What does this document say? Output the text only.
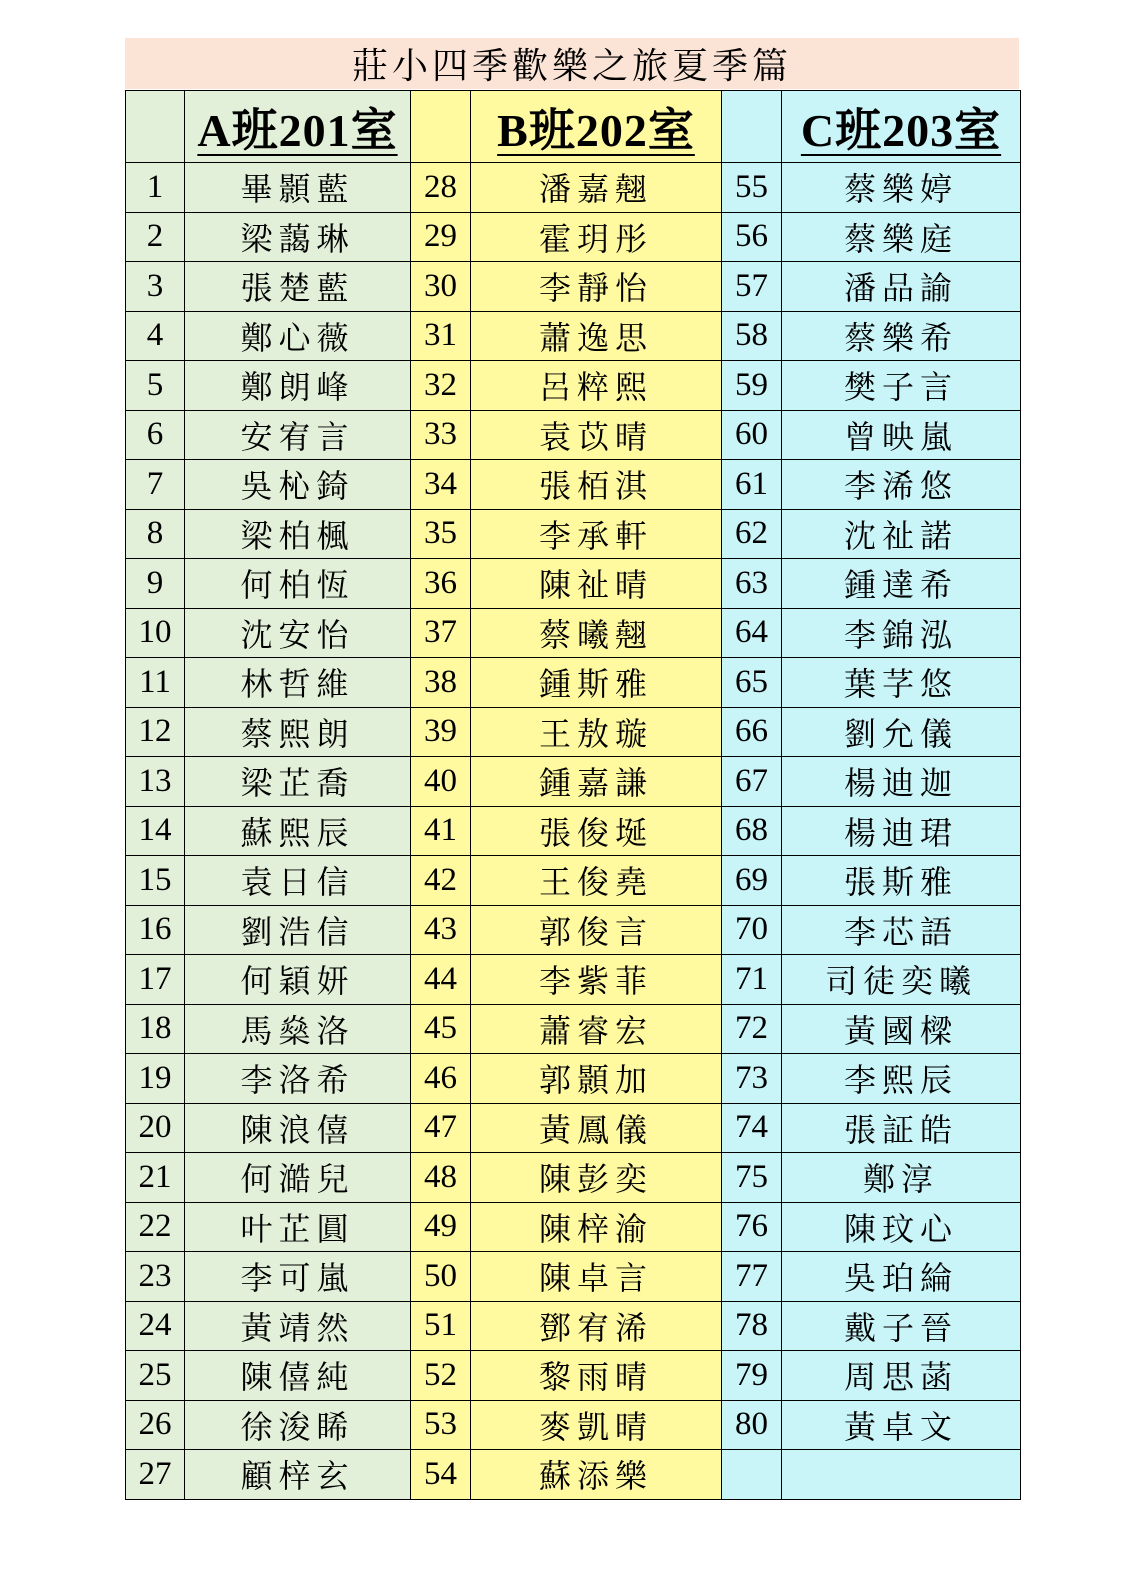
莊小四季歡樂之旅夏季篇
	A班201室		B班202室		C班203室
1	畢顥藍	28	潘嘉翹	55	蔡樂婷
2	梁藹琳	29	霍玥彤	56	蔡樂庭
3	張楚藍	30	李靜怡	57	潘品諭
4	鄭心薇	31	蕭逸思	58	蔡樂希
5	鄭朗峰	32	呂粹熙	59	樊子言
6	安宥言	33	袁苡晴	60	曾映嵐
7	吳杺錡	34	張栢淇	61	李浠悠
8	梁柏楓	35	李承軒	62	沈祉諾
9	何柏恆	36	陳祉晴	63	鍾達希
10	沈安怡	37	蔡曦翹	64	李錦泓
11	林哲維	38	鍾斯雅	65	葉芓悠
12	蔡熙朗	39	王敖璇	66	劉允儀
13	梁芷喬	40	鍾嘉謙	67	楊迪迦
14	蘇熙辰	41	張俊埏	68	楊迪珺
15	袁日信	42	王俊堯	69	張斯雅
16	劉浩信	43	郭俊言	70	李芯語
17	何穎妍	44	李紫菲	71	司徒奕曦
18	馬燊洛	45	蕭睿宏	72	黃國樑
19	李洛希	46	郭顥加	73	李熙辰
20	陳浪僖	47	黃鳳儀	74	張証皓
21	何澔兒	48	陳彭奕	75	鄭淳
22	叶芷圓	49	陳梓渝	76	陳玟心
23	李可嵐	50	陳卓言	77	吳珀綸
24	黃靖然	51	鄧宥浠	78	戴子晉
25	陳僖純	52	黎雨晴	79	周思菡
26	徐浚睎	53	麥凱晴	80	黃卓文
27	顧梓玄	54	蘇添樂		
